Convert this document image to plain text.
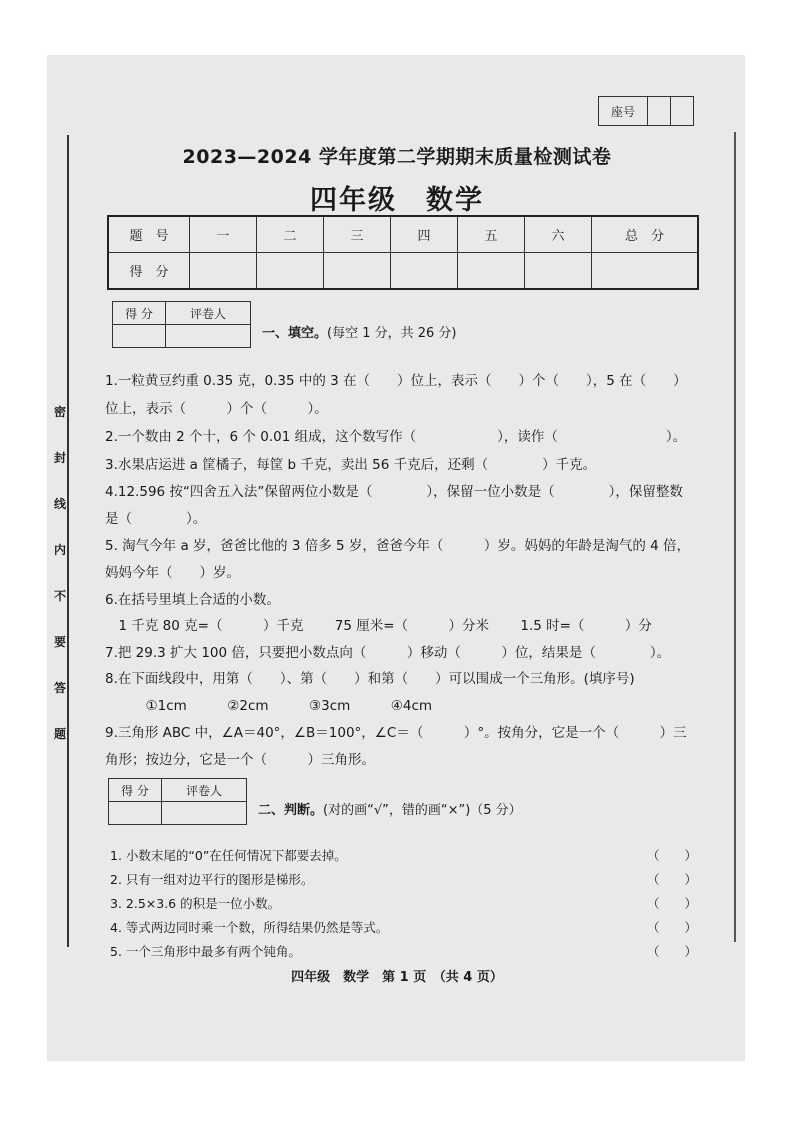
密
封
线
内
不
要
答
题
座号		
2023—2024 学年度第二学期期末质量检测试卷
四年级　数学
题　号	一	二	三	四	五	六	总　分
得　分							
得 分	评卷人

一、填空。(每空 1 分，共 26 分)
1.一粒黄豆约重 0.35 克，0.35 中的 3 在（　　）位上，表示（　　）个（　　），5 在（　　）
位上，表示（　　　）个（　　　）。
2.一个数由 2 个十，6 个 0.01 组成，这个数写作（　　　　　　），读作（　　　　　　　　）。
3.水果店运进 a 筐橘子，每筐 b 千克，卖出 56 千克后，还剩（　　　　）千克。
4.12.596 按“四舍五入法”保留两位小数是（　　　　），保留一位小数是（　　　　），保留整数
是（　　　　）。
5. 淘气今年 a 岁，爸爸比他的 3 倍多 5 岁，爸爸今年（　　　）岁。妈妈的年龄是淘气的 4 倍，
妈妈今年（　　）岁。
6.在括号里填上合适的小数。
　1 千克 80 克=（　　　）千克　　 75 厘米=（　　　）分米　　 1.5 时=（　　　）分
7.把 29.3 扩大 100 倍，只要把小数点向（　　　）移动（　　　）位，结果是（　　　　）。
8.在下面线段中，用第（　　）、第（　　）和第（　　）可以围成一个三角形。(填序号)
　　　①1cm　　　②2cm　　　③3cm　　　④4cm
9.三角形 ABC 中，∠A＝40°，∠B＝100°，∠C＝（　　　）°。按角分，它是一个（　　　）三
角形；按边分，它是一个（　　　）三角形。
得 分	评卷人

二、判断。(对的画“√”，错的画“×”)（5 分）
1. 小数末尾的“0”在任何情况下都要去掉。	（　　）
2. 只有一组对边平行的图形是梯形。	（　　）
3. 2.5×3.6 的积是一位小数。	（　　）
4. 等式两边同时乘一个数，所得结果仍然是等式。	（　　）
5. 一个三角形中最多有两个钝角。	（　　）
四年级　数学　第 1 页　（共 4 页）
